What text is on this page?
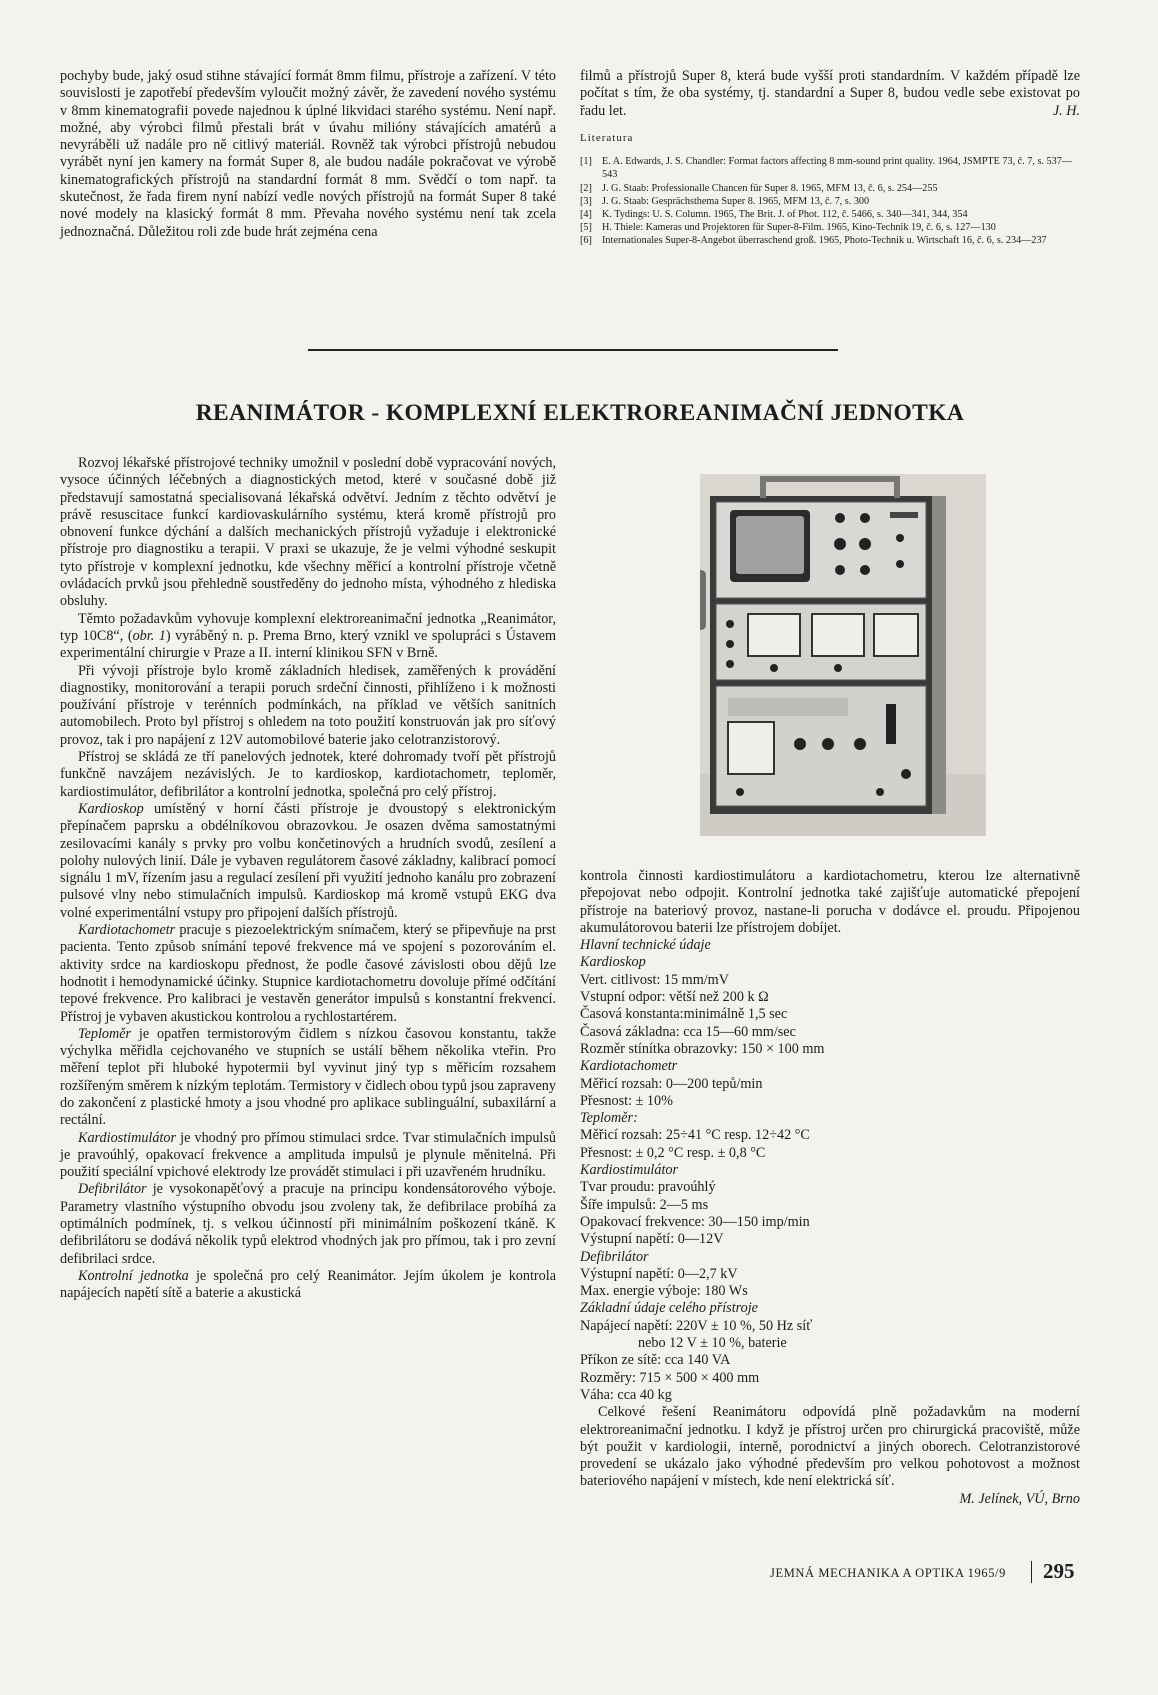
pochyby bude, jaký osud stihne stávající formát 8mm filmu, přístroje a zařízení. V této souvislosti je zapotřebí především vyloučit možný závěr, že zavedení nového systému v 8mm kinematografii povede najednou k úplné likvidaci starého systému. Není např. možné, aby výrobci filmů přestali brát v úvahu milióny stávajících amatérů a nevyráběli už nadále pro ně citlivý materiál. Rovněž tak výrobci přístrojů nebudou vyrábět nyní jen kamery na formát Super 8, ale budou nadále pokračovat ve výrobě kinematografických přístrojů na standardní formát 8 mm. Svědčí o tom např. ta skutečnost, že řada firem nyní nabízí vedle nových přístrojů na formát Super 8 také nové modely na klasický formát 8 mm. Převaha nového systému není tak zcela jednoznačná. Důležitou roli zde bude hrát zejména cena

filmů a přístrojů Super 8, která bude vyšší proti standardním. V každém případě lze počítat s tím, že oba systémy, tj. standardní a Super 8, budou vedle sebe existovat po řadu let.	J. H.

Literatura
[1] E. A. Edwards, J. S. Chandler: Format factors affecting 8 mm-sound print quality. 1964, JSMPTE 73, č. 7, s. 537—543
[2] J. G. Staab: Professionalle Chancen für Super 8. 1965, MFM 13, č. 6, s. 254—255
[3] J. G. Staab: Gesprächsthema Super 8. 1965, MFM 13, č. 7, s. 300
[4] K. Tydings: U. S. Column. 1965, The Brit. J. of Phot. 112, č. 5466, s. 340—341, 344, 354
[5] H. Thiele: Kameras und Projektoren für Super-8-Film. 1965, Kino-Technik 19, č. 6, s. 127—130
[6] Internationales Super-8-Angebot überraschend groß. 1965, Photo-Technik u. Wirtschaft 16, č. 6, s. 234—237
REANIMÁTOR - KOMPLEXNÍ ELEKTROREANIMAČNÍ JEDNOTKA

Rozvoj lékařské přístrojové techniky umožnil v poslední době vypracování nových, vysoce účinných léčebných a diagnostických metod, které v současné době již představují samostatná specialisovaná lékařská odvětví. Jedním z těchto odvětví je právě resuscitace funkcí kardiovaskulárního systému, která kromě přístrojů pro obnovení funkce dýchání a dalších mechanických přístrojů vyžaduje i elektronické přístroje pro diagnostiku a terapii. V praxi se ukazuje, že je velmi výhodné seskupit tyto přístroje v komplexní jednotku, kde všechny měřicí a kontrolní přístroje včetně ovládacích prvků jsou přehledně soustředěny do jednoho místa, výhodného z hlediska obsluhy.

Těmto požadavkům vyhovuje komplexní elektroreanimační jednotka „Reanimátor, typ 10C8“, (obr. 1) vyráběný n. p. Prema Brno, který vznikl ve spolupráci s Ústavem experimentální chirurgie v Praze a II. interní klinikou SFN v Brně.

Při vývoji přístroje bylo kromě základních hledisek, zaměřených k provádění diagnostiky, monitorování a terapii poruch srdeční činnosti, přihlíženo i k možnosti používání přístroje v terénních podmínkách, na příklad ve větších sanitních automobilech. Proto byl přístroj s ohledem na toto použití konstruován jak pro síťový provoz, tak i pro napájení z 12V automobilové baterie jako celotranzistorový.

Přístroj se skládá ze tří panelových jednotek, které dohromady tvoří pět přístrojů funkčně navzájem nezávislých. Je to kardioskop, kardiotachometr, teploměr, kardiostimulátor, defibrilátor a kontrolní jednotka, společná pro celý přístroj.

Kardioskop umístěný v horní části přístroje je dvoustopý s elektronickým přepínačem paprsku a obdélníkovou obrazovkou. Je osazen dvěma samostatnými zesilovacími kanály s prvky pro volbu končetinových a hrudních svodů, zesílení a polohy nulových linií. Dále je vybaven regulátorem časové základny, kalibrací pomocí signálu 1 mV, řízením jasu a regulací zesílení při využití jednoho kanálu pro zobrazení pulsové vlny nebo stimulačních impulsů. Kardioskop má kromě vstupů EKG dva volné experimentální vstupy pro připojení dalších přístrojů.

Kardiotachometr pracuje s piezoelektrickým snímačem, který se připevňuje na prst pacienta. Tento způsob snímání tepové frekvence má ve spojení s pozorováním el. aktivity srdce na kardioskopu přednost, že podle časové závislosti obou dějů lze hodnotit i hemodynamické účinky. Stupnice kardiotachometru dovoluje přímé odčítání tepové frekvence. Pro kalibraci je vestavěn generátor impulsů s konstantní frekvencí. Přístroj je vybaven akustickou kontrolou a rychlostartérem.

Teploměr je opatřen termistorovým čidlem s nízkou časovou konstantu, takže výchylka měřidla cejchovaného ve stupních se ustálí během několika vteřin. Pro měření teplot při hluboké hypotermii byl vyvinut jiný typ s měřicím rozsahem rozšířeným směrem k nízkým teplotám. Termistory v čidlech obou typů jsou zapraveny do zakončení z plastické hmoty a jsou vhodné pro aplikace sublinguální, subaxilární a rectální.

Kardiostimulátor je vhodný pro přímou stimulaci srdce. Tvar stimulačních impulsů je pravoúhlý, opakovací frekvence a amplituda impulsů je plynule měnitelná. Při použití speciální vpichové elektrody lze provádět stimulaci i při uzavřeném hrudníku.

Defibrilátor je vysokonapěťový a pracuje na principu kondensátorového výboje. Parametry vlastního výstupního obvodu jsou zvoleny tak, že defibrilace probíhá za optimálních podmínek, tj. s velkou účinností při minimálním poškození tkáně. K defibrilátoru se dodává několik typů elektrod vhodných jak pro přímou, tak i pro zevní defibrilaci srdce.

Kontrolní jednotka je společná pro celý Reanimátor. Jejím úkolem je kontrola napájecích napětí sítě a baterie a akustická

kontrola činnosti kardiostimulátoru a kardiotachometru, kterou lze alternativně přepojovat nebo odpojit. Kontrolní jednotka také zajišťuje automatické přepojení přístroje na bateriový provoz, nastane-li porucha v dodávce el. proudu. Připojenou akumulátorovou baterii lze přístrojem dobíjet.

Hlavní technické údaje
Kardioskop
Vert. citlivost: 15 mm/mV
Vstupní odpor: větší než 200 k Ω
Časová konstanta:minimálně 1,5 sec
Časová základna: cca 15—60 mm/sec
Rozměr stínítka obrazovky: 150 × 100 mm
Kardiotachometr
Měřicí rozsah: 0—200 tepů/min
Přesnost: ± 10%
Teploměr:
Měřicí rozsah: 25÷41 °C resp. 12÷42 °C
Přesnost: ± 0,2 °C resp. ± 0,8 °C
Kardiostimulátor
Tvar proudu: pravoúhlý
Šíře impulsů: 2—5 ms
Opakovací frekvence: 30—150 imp/min
Výstupní napětí: 0—12V
Defibrilátor
Výstupní napětí: 0—2,7 kV
Max. energie výboje: 180 Ws
Základní údaje celého přístroje
Napájecí napětí: 220V ± 10 %, 50 Hz síť
nebo 12 V ± 10 %, baterie
Příkon ze sítě: cca 140 VA
Rozměry: 715 × 500 × 400 mm
Váha: cca 40 kg

Celkové řešení Reanimátoru odpovídá plně požadavkům na moderní elektroreanimační jednotku. I když je přístroj určen pro chirurgická pracoviště, může být použit v kardiologii, interně, porodnictví a jiných oborech. Celotranzistorové provedení se ukázalo jako výhodné především pro velkou pohotovost a možnost bateriového napájení v místech, kde není elektrická síť.

M. Jelínek, VÚ, Brno
JEMNÁ MECHANIKA A OPTIKA 1965/9 295
